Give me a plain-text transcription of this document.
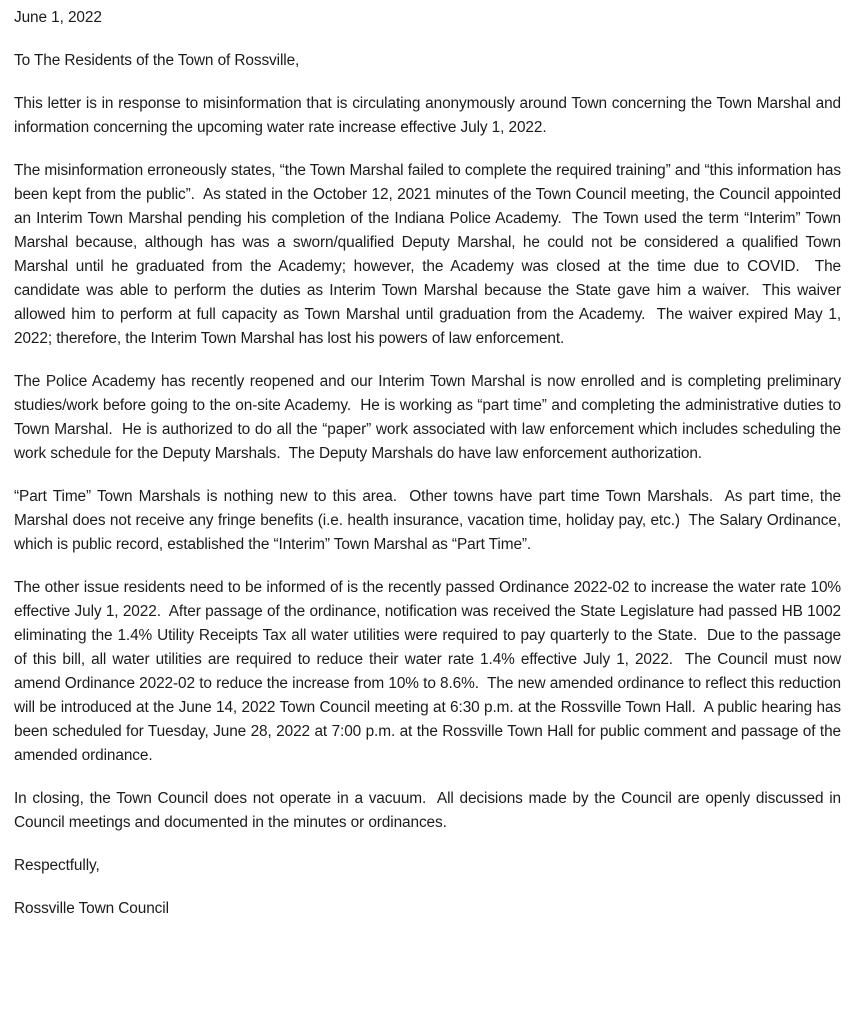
June 1, 2022

To The Residents of the Town of Rossville,

This letter is in response to misinformation that is circulating anonymously around Town concerning the Town Marshal and information concerning the upcoming water rate increase effective July 1, 2022.

The misinformation erroneously states, “the Town Marshal failed to complete the required training” and “this information has been kept from the public”.  As stated in the October 12, 2021 minutes of the Town Council meeting, the Council appointed an Interim Town Marshal pending his completion of the Indiana Police Academy.  The Town used the term “Interim” Town Marshal because, although has was a sworn/qualified Deputy Marshal, he could not be considered a qualified Town Marshal until he graduated from the Academy; however, the Academy was closed at the time due to COVID.  The candidate was able to perform the duties as Interim Town Marshal because the State gave him a waiver.  This waiver allowed him to perform at full capacity as Town Marshal until graduation from the Academy.  The waiver expired May 1, 2022; therefore, the Interim Town Marshal has lost his powers of law enforcement.

The Police Academy has recently reopened and our Interim Town Marshal is now enrolled and is completing preliminary studies/work before going to the on-site Academy.  He is working as “part time” and completing the administrative duties to Town Marshal.  He is authorized to do all the “paper” work associated with law enforcement which includes scheduling the work schedule for the Deputy Marshals.  The Deputy Marshals do have law enforcement authorization.

“Part Time” Town Marshals is nothing new to this area.  Other towns have part time Town Marshals.  As part time, the Marshal does not receive any fringe benefits (i.e. health insurance, vacation time, holiday pay, etc.)  The Salary Ordinance, which is public record, established the “Interim” Town Marshal as “Part Time”.

The other issue residents need to be informed of is the recently passed Ordinance 2022-02 to increase the water rate 10% effective July 1, 2022.  After passage of the ordinance, notification was received the State Legislature had passed HB 1002 eliminating the 1.4% Utility Receipts Tax all water utilities were required to pay quarterly to the State.  Due to the passage of this bill, all water utilities are required to reduce their water rate 1.4% effective July 1, 2022.  The Council must now amend Ordinance 2022-02 to reduce the increase from 10% to 8.6%.  The new amended ordinance to reflect this reduction will be introduced at the June 14, 2022 Town Council meeting at 6:30 p.m. at the Rossville Town Hall.  A public hearing has been scheduled for Tuesday, June 28, 2022 at 7:00 p.m. at the Rossville Town Hall for public comment and passage of the amended ordinance.

In closing, the Town Council does not operate in a vacuum.  All decisions made by the Council are openly discussed in Council meetings and documented in the minutes or ordinances.

Respectfully,

Rossville Town Council
